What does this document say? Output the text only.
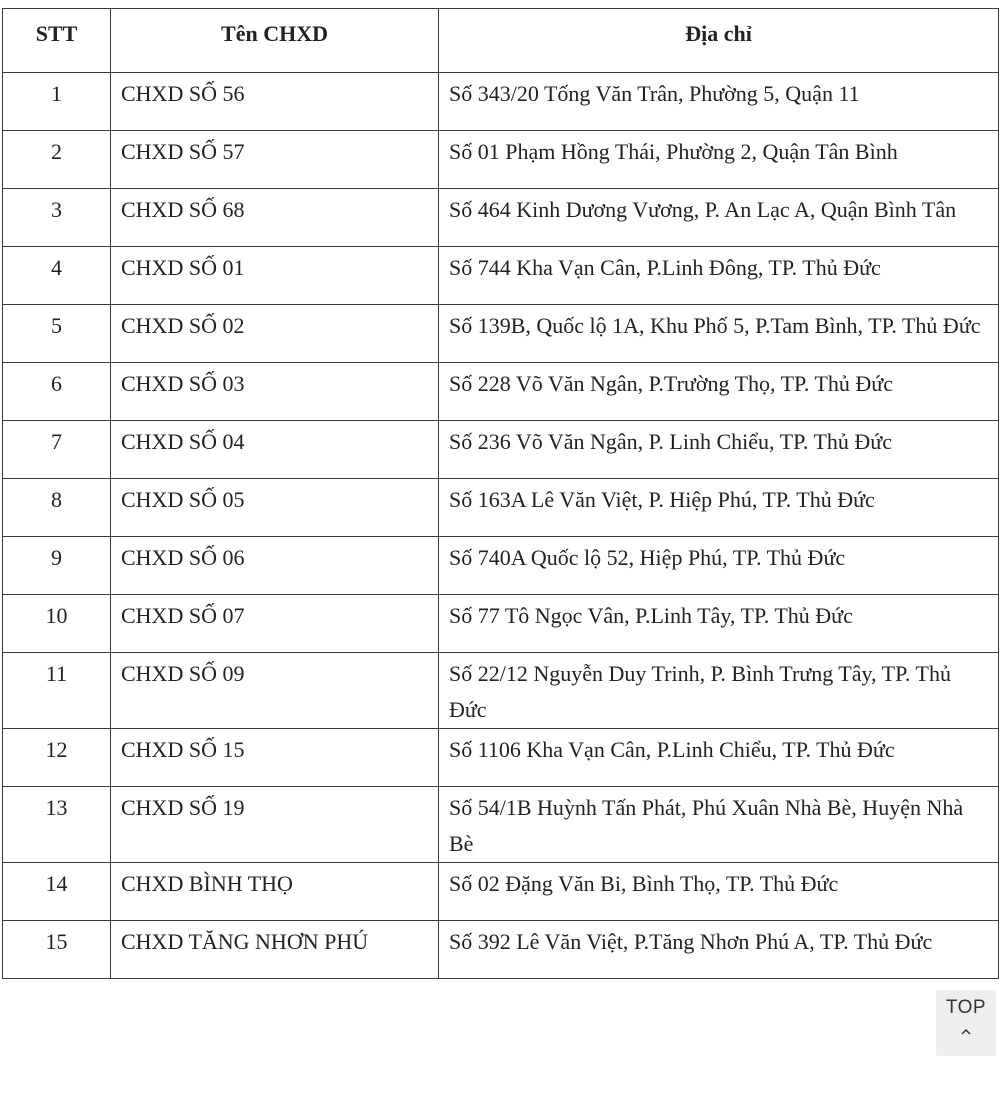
STT	Tên CHXD	Địa chỉ
1	CHXD SỐ 56	Số 343/20 Tống Văn Trân, Phường 5, Quận 11
2	CHXD SỐ 57	Số 01 Phạm Hồng Thái, Phường 2, Quận Tân Bình
3	CHXD SỐ 68	Số 464 Kinh Dương Vương, P. An Lạc A, Quận Bình Tân
4	CHXD SỐ 01	Số 744 Kha Vạn Cân, P.Linh Đông, TP. Thủ Đức
5	CHXD SỐ 02	Số 139B, Quốc lộ 1A, Khu Phố 5, P.Tam Bình, TP. Thủ Đức
6	CHXD SỐ 03	Số 228 Võ Văn Ngân, P.Trường Thọ, TP. Thủ Đức
7	CHXD SỐ 04	Số 236 Võ Văn Ngân, P. Linh Chiểu, TP. Thủ Đức
8	CHXD SỐ 05	Số 163A Lê Văn Việt, P. Hiệp Phú, TP. Thủ Đức
9	CHXD SỐ 06	Số 740A Quốc lộ 52, Hiệp Phú, TP. Thủ Đức
10	CHXD SỐ 07	Số 77 Tô Ngọc Vân, P.Linh Tây, TP. Thủ Đức
11	CHXD SỐ 09	Số 22/12 Nguyễn Duy Trinh, P. Bình Trưng Tây, TP. Thủ Đức
12	CHXD SỐ 15	Số 1106 Kha Vạn Cân, P.Linh Chiểu, TP. Thủ Đức
13	CHXD SỐ 19	Số 54/1B Huỳnh Tấn Phát, Phú Xuân Nhà Bè, Huyện Nhà Bè
14	CHXD BÌNH THỌ	Số 02 Đặng Văn Bi, Bình Thọ, TP. Thủ Đức
15	CHXD TĂNG NHƠN PHÚ	Số 392 Lê Văn Việt, P.Tăng Nhơn Phú A, TP. Thủ Đức
TOP
